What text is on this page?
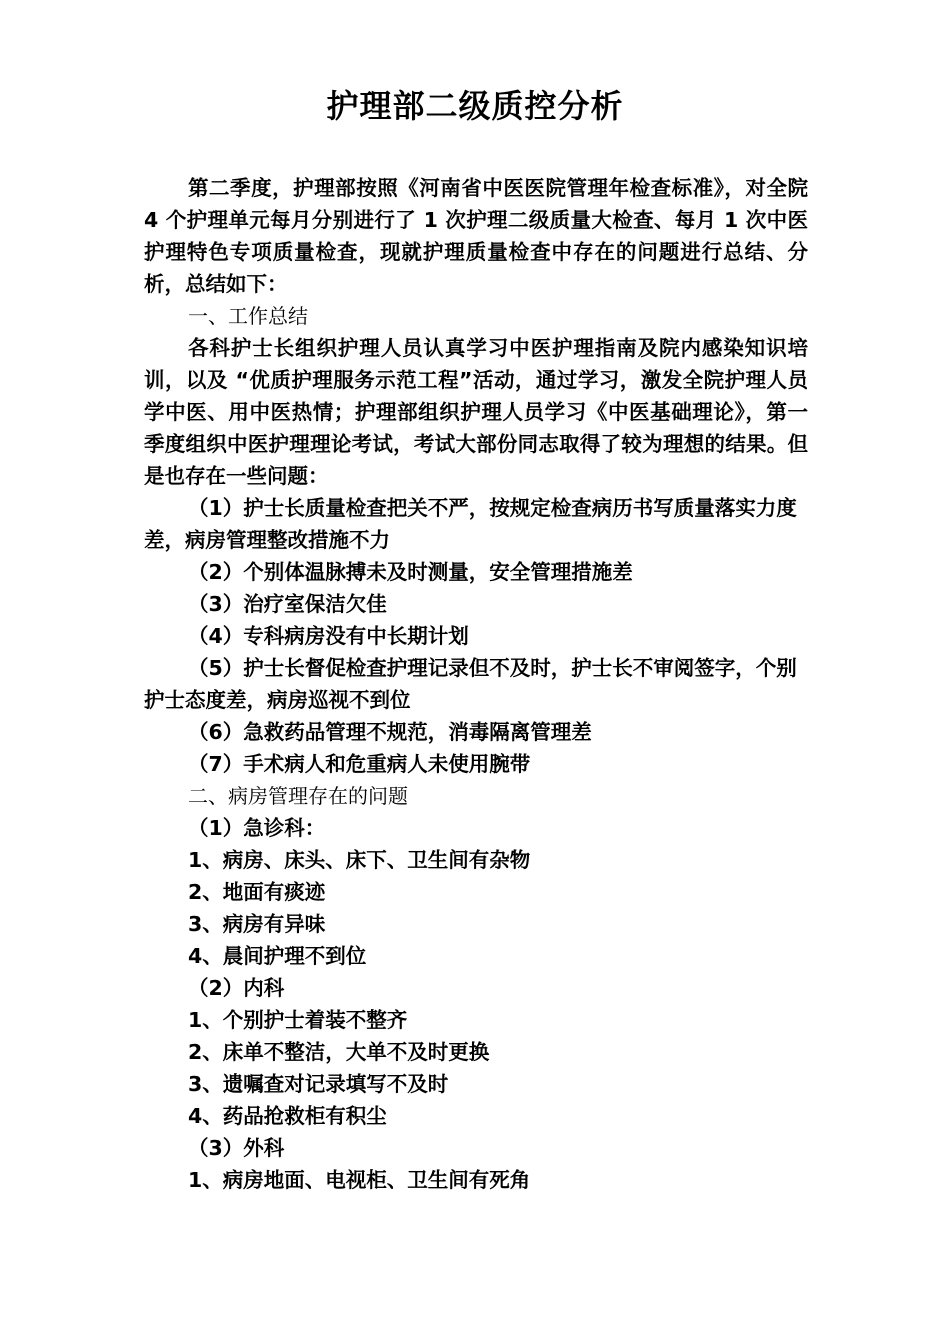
护理部二级质控分析

第二季度，护理部按照《河南省中医医院管理年检查标准》，对全院 4 个护理单元每月分别进行了 1 次护理二级质量大检查、每月 1 次中医护理特色专项质量检查，现就护理质量检查中存在的问题进行总结、分析，总结如下：

一、工作总结

各科护士长组织护理人员认真学习中医护理指南及院内感染知识培训，以及 “优质护理服务示范工程”活动，通过学习，激发全院护理人员学中医、用中医热情；护理部组织护理人员学习《中医基础理论》，第一季度组织中医护理理论考试，考试大部份同志取得了较为理想的结果。但是也存在一些问题：

（1）护士长质量检查把关不严，按规定检查病历书写质量落实力度差，病房管理整改措施不力

（2）个别体温脉搏未及时测量，安全管理措施差

（3）治疗室保洁欠佳

（4）专科病房没有中长期计划

（5）护士长督促检查护理记录但不及时，护士长不审阅签字，个别护士态度差，病房巡视不到位

（6）急救药品管理不规范，消毒隔离管理差

（7）手术病人和危重病人未使用腕带

二、病房管理存在的问题

（1）急诊科：

1、病房、床头、床下、卫生间有杂物

2、地面有痰迹

3、病房有异味

4、晨间护理不到位

（2）内科

1、个别护士着装不整齐

2、床单不整洁，大单不及时更换

3、遗嘱查对记录填写不及时

4、药品抢救柜有积尘

（3）外科

1、病房地面、电视柜、卫生间有死角
